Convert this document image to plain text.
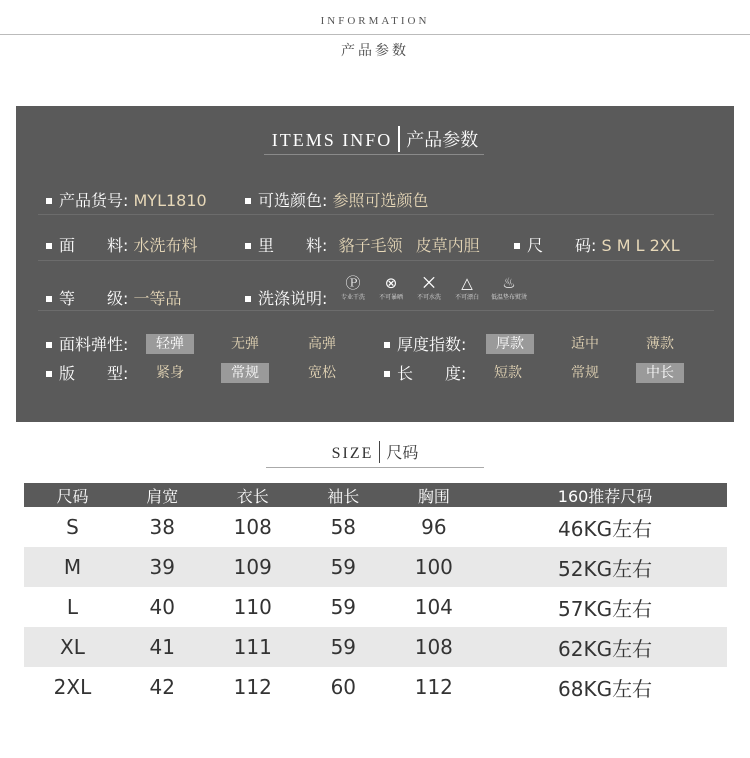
INFORMATION
产品参数
ITEMS INFO 产品参数
产品货号: MYL1810	可选颜色: 参照可选颜色
面　　料: 水洗布料	里　　料: 貉子毛领 皮草内胆	尺　　码: S M L 2XL
等　　级: 一等品	洗涤说明:
Ⓟ
专业干洗
⊗
不可暴晒
⨉
不可水洗
△
不可漂白
♨
低温垫布熨烫
面料弹性:	轻弹	无弹	高弹	厚度指数:	厚款	适中	薄款
版　　型: 紧身	常规	宽松	长　　度: 短款	常规	中长
SIZE 尺码
尺码	肩宽	衣长	袖长	胸围	160推荐尺码
S	38	108	58	96	46KG左右
M	39	109	59	100	52KG左右
L	40	110	59	104	57KG左右
XL	41	111	59	108	62KG左右
2XL	42	112	60	112	68KG左右
